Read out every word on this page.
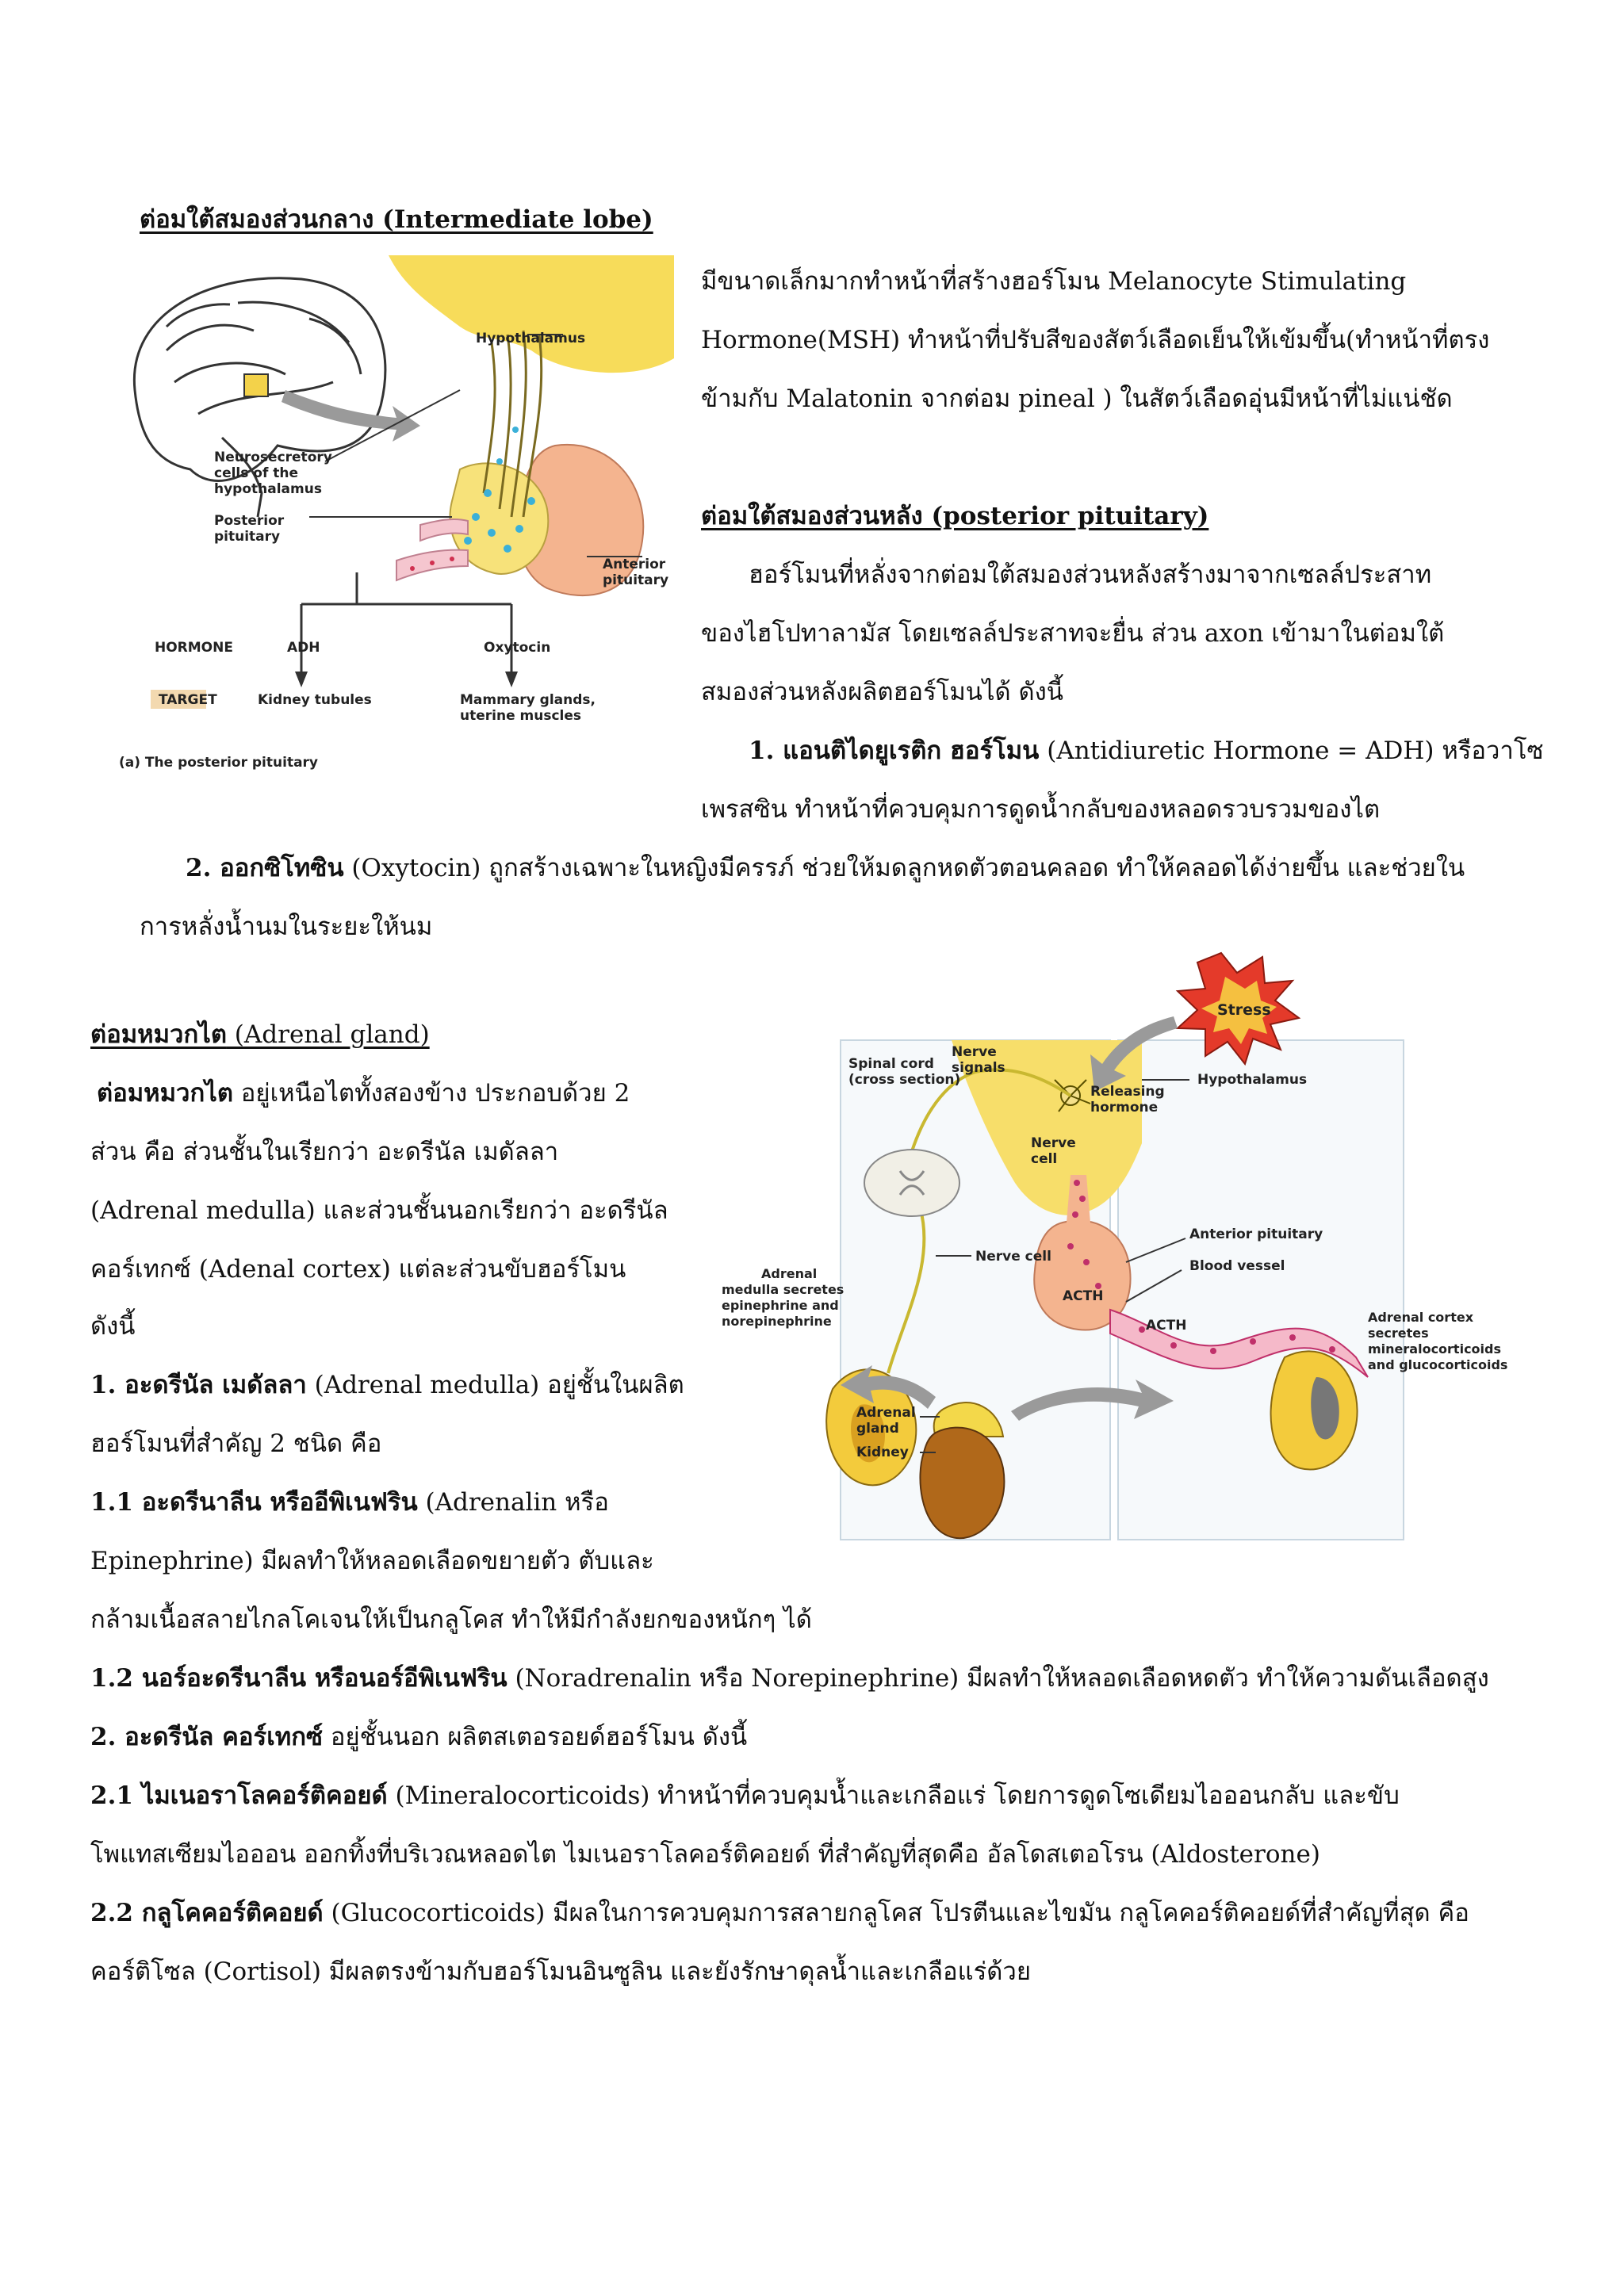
ต่อมใต้สมองส่วนกลาง (Intermediate lobe)
มีขนาดเล็กมากทำหน้าที่สร้างฮอร์โมน Melanocyte Stimulating
Hormone(MSH) ทำหน้าที่ปรับสีของสัตว์เลือดเย็นให้เข้มขึ้น(ทำหน้าที่ตรง
ข้ามกับ Malatonin จากต่อม pineal ) ในสัตว์เลือดอุ่นมีหน้าที่ไม่แน่ชัด
Hypothalamus
Neurosecretory
cells of the
hypothalamus
Posterior
pituitary
Anterior
pituitary
HORMONE	ADH	Oxytocin
TARGET	Kidney tubules	Mammary glands,
uterine muscles
(a) The posterior pituitary
ต่อมใต้สมองส่วนหลัง (posterior pituitary)
ฮอร์โมนที่หลั่งจากต่อมใต้สมองส่วนหลังสร้างมาจากเซลล์ประสาท
ของไฮโปทาลามัส โดยเซลล์ประสาทจะยื่น ส่วน axon เข้ามาในต่อมใต้
สมองส่วนหลังผลิตฮอร์โมนได้ ดังนี้
1. แอนติไดยูเรติก ฮอร์โมน (Antidiuretic Hormone = ADH) หรือวาโซ
เพรสซิน ทำหน้าที่ควบคุมการดูดน้ำกลับของหลอดรวบรวมของไต
2. ออกซิโทซิน (Oxytocin) ถูกสร้างเฉพาะในหญิงมีครรภ์ ช่วยให้มดลูกหดตัวตอนคลอด ทำให้คลอดได้ง่ายขึ้น และช่วยใน
การหลั่งน้ำนมในระยะให้นม
ต่อมหมวกไต (Adrenal gland)
ต่อมหมวกไต อยู่เหนือไตทั้งสองข้าง ประกอบด้วย 2
ส่วน คือ ส่วนชั้นในเรียกว่า อะดรีนัล เมดัลลา
(Adrenal medulla) และส่วนชั้นนอกเรียกว่า อะดรีนัล
คอร์เทกซ์ (Adenal cortex) แต่ละส่วนขับฮอร์โมน
ดังนี้
1. อะดรีนัล เมดัลลา (Adrenal medulla) อยู่ชั้นในผลิต
ฮอร์โมนที่สำคัญ 2 ชนิด คือ
1.1 อะดรีนาลีน หรืออีพิเนฟริน (Adrenalin หรือ
Epinephrine) มีผลทำให้หลอดเลือดขยายตัว ตับและ
กล้ามเนื้อสลายไกลโคเจนให้เป็นกลูโคส ทำให้มีกำลังยกของหนักๆ ได้
1.2 นอร์อะดรีนาลีน หรือนอร์อีพิเนฟริน (Noradrenalin หรือ Norepinephrine) มีผลทำให้หลอดเลือดหดตัว ทำให้ความดันเลือดสูง
2. อะดรีนัล คอร์เทกซ์ อยู่ชั้นนอก ผลิตสเตอรอยด์ฮอร์โมน ดังนี้
2.1 ไมเนอราโลคอร์ติคอยด์ (Mineralocorticoids) ทำหน้าที่ควบคุมน้ำและเกลือแร่ โดยการดูดโซเดียมไอออนกลับ และขับ
โพแทสเซียมไอออน ออกทิ้งที่บริเวณหลอดไต ไมเนอราโลคอร์ติคอยด์ ที่สำคัญที่สุดคือ อัลโดสเตอโรน (Aldosterone)
2.2 กลูโคคอร์ติคอยด์ (Glucocorticoids) มีผลในการควบคุมการสลายกลูโคส โปรตีนและไขมัน กลูโคคอร์ติคอยด์ที่สำคัญที่สุด คือ
คอร์ติโซล (Cortisol) มีผลตรงข้ามกับฮอร์โมนอินซูลิน และยังรักษาดุลน้ำและเกลือแร่ด้วย
Stress
Spinal cord
(cross section)
Nerve
signals
Hypothalamus
Releasing
hormone
Nerve
cell
Anterior pituitary
Blood vessel
Nerve cell
ACTH
ACTH
Adrenal
medulla secretes
epinephrine and
norepinephrine	Adrenal cortex
secretes
mineralocorticoids
and glucocorticoids
Adrenal
gland
Kidney
